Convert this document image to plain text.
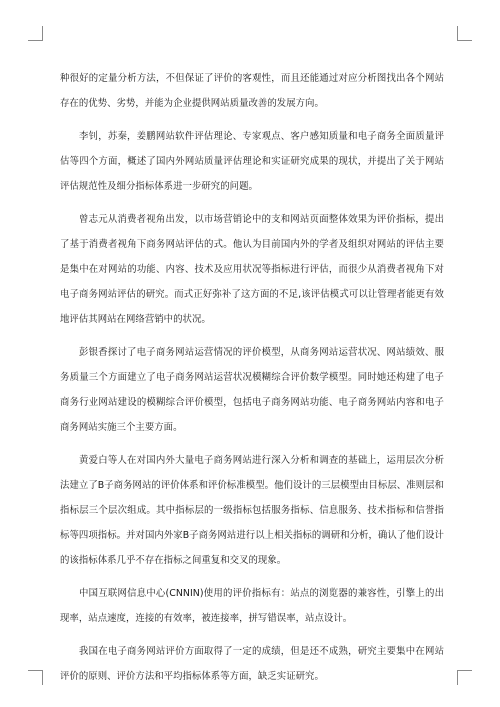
种很好的定量分析方法，不但保证了评价的客观性，而且还能通过对应分析图找出各个网站存在的优势、劣势，并能为企业提供网站质量改善的发展方向。

李钊，苏秦，姜鹏网站软件评估理论、专家观点、客户感知质量和电子商务全面质量评估等四个方面，概述了国内外网站质量评估理论和实证研究成果的现状，并提出了关于网站评估规范性及细分指标体系进一步研究的问题。

曾志元从消费者视角出发，以市场营销论中的支和网站页面整体效果为评价指标，提出了基于消费者视角下商务网站评估的式。他认为目前国内外的学者及组织对网站的评估主要是集中在对网站的功能、内容、技术及应用状况等指标进行评估，而很少从消费者视角下对电子商务网站评估的研究。而式正好弥补了这方面的不足,该评估模式可以让管理者能更有效地评估其网站在网络营销中的状况。

彭银香探讨了电子商务网站运营情况的评价模型，从商务网站运营状况、网站绩效、服务质量三个方面建立了电子商务网站运营状况模糊综合评价数学模型。同时她还构建了电子商务行业网站建设的模糊综合评价模型，包括电子商务网站功能、电子商务网站内容和电子商务网站实施三个主要方面。

黄爱白等人在对国内外大量电子商务网站进行深入分析和调查的基础上，运用层次分析法建立了B子商务网站的评价体系和评价标准模型。他们设计的三层模型由目标层、准则层和指标层三个层次组成。其中指标层的一级指标包括服务指标、信息服务、技术指标和信誉指标等四项指标。并对国内外家B子商务网站进行以上相关指标的调研和分析，确认了他们设计的该指标体系几乎不存在指标之间重复和交叉的现象。

中国互联网信息中心(CNNIN)使用的评价指标有：站点的浏览器的兼容性，引擎上的出现率，站点速度，连接的有效率，被连接率，拼写错误率，站点设计。

我国在电子商务网站评价方面取得了一定的成绩，但是还不成熟，研究主要集中在网站评价的原则、评价方法和平均指标体系等方面，缺乏实证研究。
